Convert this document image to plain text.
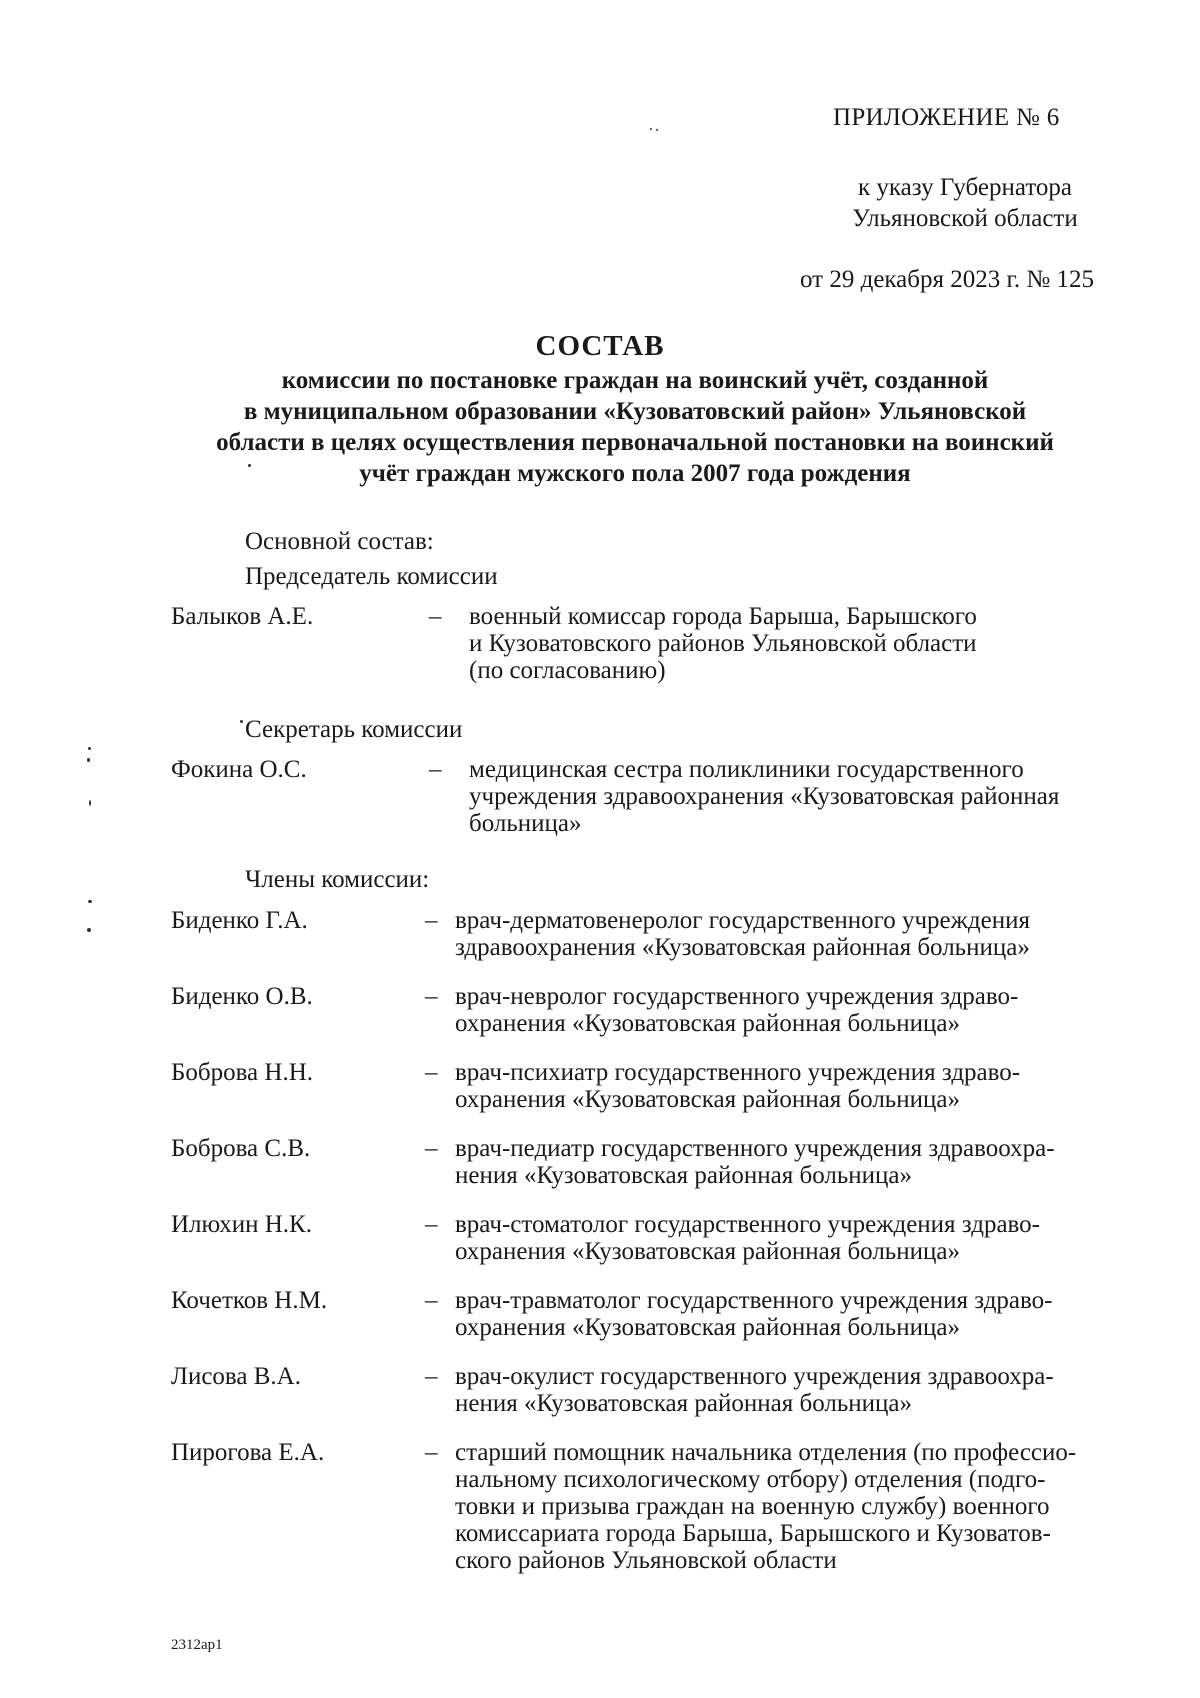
ПРИЛОЖЕНИЕ № 6
к указу Губернатора
Ульяновской области
от 29 декабря 2023 г. № 125
СОСТАВ
комиссии по постановке граждан на воинский учёт, созданной
в муниципальном образовании «Кузоватовский район» Ульяновской
области в целях осуществления первоначальной постановки на воинский
учёт граждан мужского пола 2007 года рождения
Основной состав:
Председатель комиссии
Секретарь комиссии
Члены комиссии:
Балыков А.Е.	– военный комиссар города Барыша, Барышского
и Кузоватовского районов Ульяновской области
(по согласованию)
Фокина О.С.	– медицинская сестра поликлиники государственного
учреждения здравоохранения «Кузоватовская районная
больница»
Биденко Г.А.	– врач-дерматовенеролог государственного учреждения
здравоохранения «Кузоватовская районная больница»
Биденко О.В.	– врач-невролог государственного учреждения здраво-
охранения «Кузоватовская районная больница»
Боброва Н.Н.	– врач-психиатр государственного учреждения здраво-
охранения «Кузоватовская районная больница»
Боброва С.В.	– врач-педиатр государственного учреждения здравоохра-
нения «Кузоватовская районная больница»
Илюхин Н.К.	– врач-стоматолог государственного учреждения здраво-
охранения «Кузоватовская районная больница»
Кочетков Н.М.	– врач-травматолог государственного учреждения здраво-
охранения «Кузоватовская районная больница»
Лисова В.А.	– врач-окулист государственного учреждения здравоохра-
нения «Кузоватовская районная больница»
Пирогова Е.А.	– старший помощник начальника отделения (по профессио-
нальному психологическому отбору) отделения (подго-
товки и призыва граждан на военную службу) военного
комиссариата города Барыша, Барышского и Кузоватов-
ского районов Ульяновской области
2312ap1
